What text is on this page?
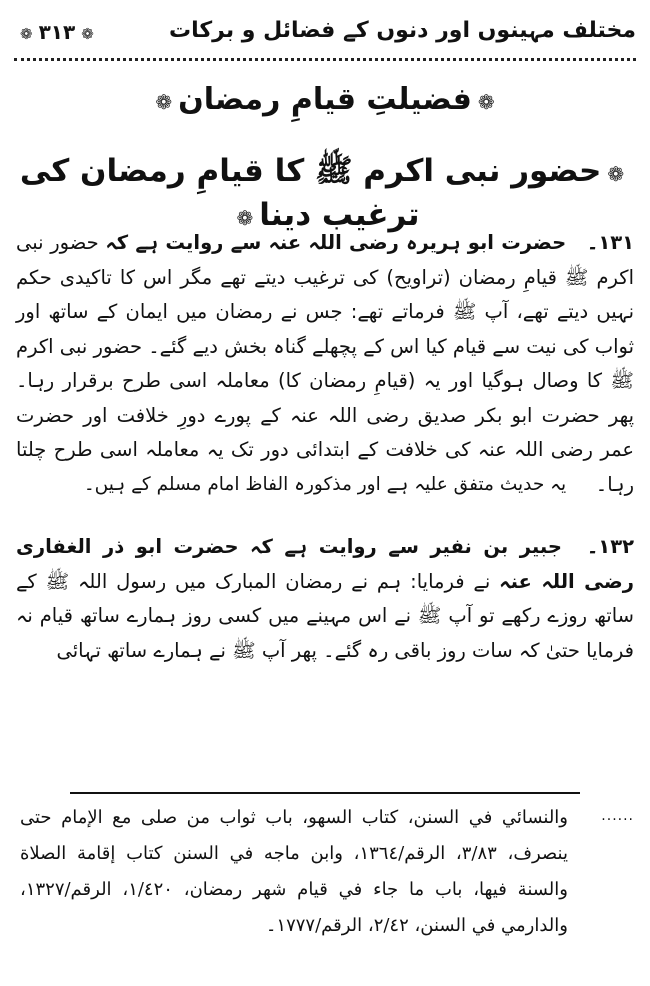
❁۳۱۳❁	مختلف مہینوں اور دنوں کے فضائل و برکات
❁فضیلتِ قیامِ رمضان❁
❁حضور نبی اکرم ﷺ کا قیامِ رمضان کی ترغیب دینا❁
۱۳۱۔ حضرت ابو ہریرہ رضی اللہ عنہ سے روایت ہے کہ حضور نبی اکرم ﷺ قیامِ رمضان (تراویح) کی ترغیب دیتے تھے مگر اس کا تاکیدی حکم نہیں دیتے تھے، آپ ﷺ فرماتے تھے: جس نے رمضان میں ایمان کے ساتھ اور ثواب کی نیت سے قیام کیا اس کے پچھلے گناہ بخش دیے گئے۔ حضور نبی اکرم ﷺ کا وصال ہوگیا اور یہ (قیامِ رمضان کا) معاملہ اسی طرح برقرار رہا۔ پھر حضرت ابو بکر صدیق رضی اللہ عنہ کے پورے دورِ خلافت اور حضرت عمر رضی اللہ عنہ کی خلافت کے ابتدائی دور تک یہ معاملہ اسی طرح چلتا رہا۔
یہ حدیث متفق علیہ ہے اور مذکورہ الفاظ امام مسلم کے ہیں۔
۱۳۲۔ جبیر بن نفیر سے روایت ہے کہ حضرت ابو ذر الغفاری رضی اللہ عنہ نے فرمایا: ہم نے رمضان المبارک میں رسول اللہ ﷺ کے ساتھ روزے رکھے تو آپ ﷺ نے اس مہینے میں کسی روز ہمارے ساتھ قیام نہ فرمایا حتیٰ کہ سات روز باقی رہ گئے۔ پھر آپ ﷺ نے ہمارے ساتھ تہائی
......
والنسائي في السنن، كتاب السهو، باب ثواب من صلى مع الإمام حتى ينصرف، ٣/٨٣، الرقم/١٣٦٤، وابن ماجه في السنن كتاب إقامة الصلاة والسنة فيها، باب ما جاء في قيام شهر رمضان، ١/٤٢٠، الرقم/١٣٢٧، والدارمي في السنن، ٢/٤٢، الرقم/١٧٧٧۔
